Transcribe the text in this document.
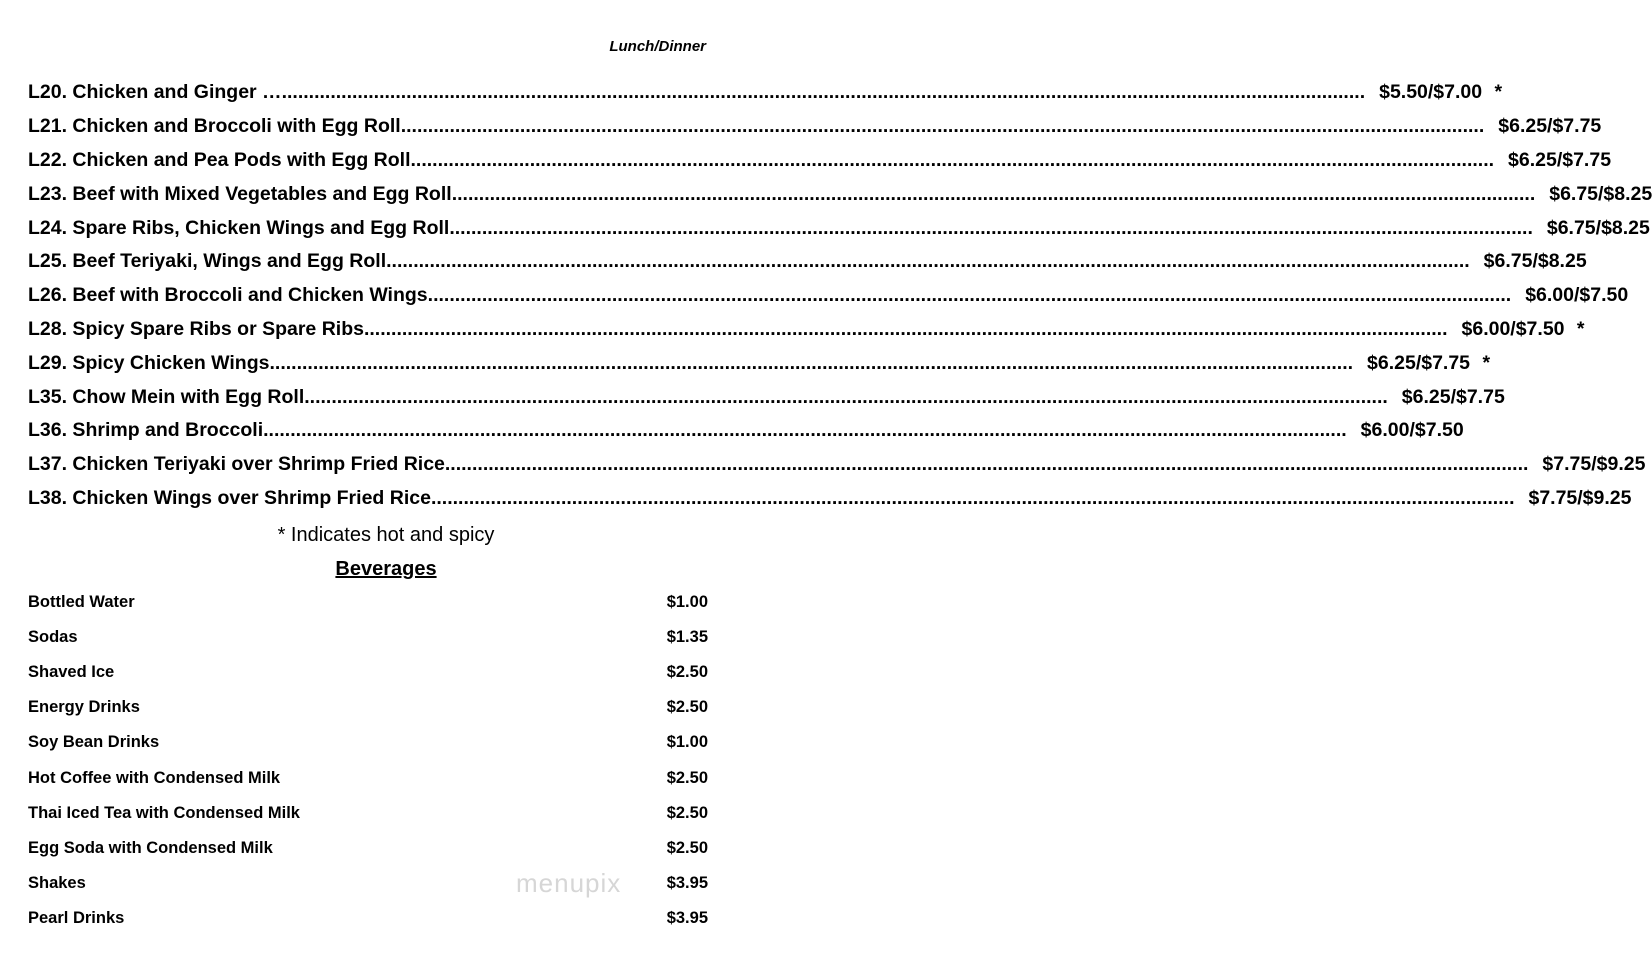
Lunch/Dinner
L20. Chicken and Ginger … ........................................................................................................................................................................................................ $5.50/$7.00 *
L21. Chicken and Broccoli with Egg Roll ........................................................................................................................................................................................................ $6.25/$7.75
L22. Chicken and Pea Pods with Egg Roll ........................................................................................................................................................................................................ $6.25/$7.75
L23. Beef with Mixed Vegetables and Egg Roll ........................................................................................................................................................................................................ $6.75/$8.25
L24. Spare Ribs, Chicken Wings and Egg Roll ........................................................................................................................................................................................................ $6.75/$8.25
L25. Beef Teriyaki, Wings and Egg Roll ........................................................................................................................................................................................................ $6.75/$8.25
L26. Beef with Broccoli and Chicken Wings ........................................................................................................................................................................................................ $6.00/$7.50
L28. Spicy Spare Ribs or Spare Ribs ........................................................................................................................................................................................................ $6.00/$7.50 *
L29. Spicy Chicken Wings ........................................................................................................................................................................................................ $6.25/$7.75 *
L35. Chow Mein with Egg Roll ........................................................................................................................................................................................................ $6.25/$7.75
L36. Shrimp and Broccoli ........................................................................................................................................................................................................ $6.00/$7.50
L37. Chicken Teriyaki over Shrimp Fried Rice ........................................................................................................................................................................................................ $7.75/$9.25
L38. Chicken Wings over Shrimp Fried Rice ........................................................................................................................................................................................................ $7.75/$9.25
* Indicates hot and spicy
Beverages
Bottled Water	$1.00
Sodas	$1.35
Shaved Ice	$2.50
Energy Drinks	$2.50
Soy Bean Drinks	$1.00
Hot Coffee with Condensed Milk	$2.50
Thai Iced Tea with Condensed Milk	$2.50
Egg Soda with Condensed Milk	$2.50
Shakes	$3.95
Pearl Drinks	$3.95
menupix
